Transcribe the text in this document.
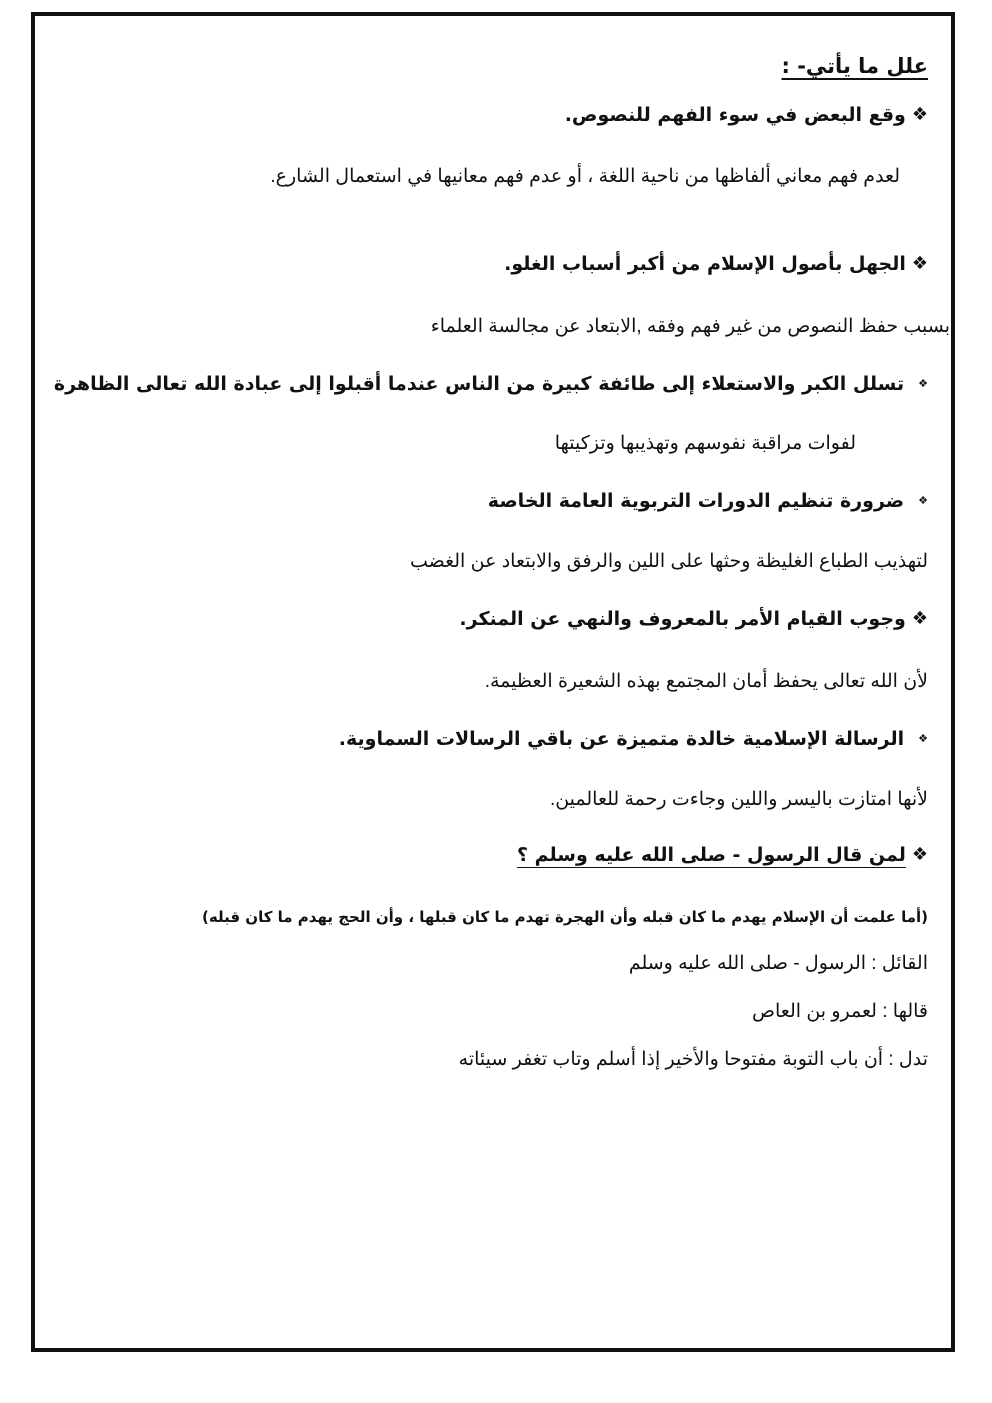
علل ما يأتي- :
❖وقع البعض في سوء الفهم للنصوص.
لعدم فهم معاني ألفاظها من ناحية اللغة ، أو عدم فهم معانيها في استعمال الشارع.
❖الجهل بأصول الإسلام من أكبر أسباب الغلو.
بسبب حفظ النصوص من غير فهم وفقه ,الابتعاد عن مجالسة العلماء
❖تسلل الكبر والاستعلاء إلى طائفة كبيرة من الناس عندما أقبلوا إلى عبادة الله تعالى الظاهرة
لفوات مراقبة نفوسهم وتهذيبها وتزكيتها
❖ضرورة تنظيم الدورات التربوية العامة الخاصة
لتهذيب الطباع الغليظة وحثها على اللين والرفق والابتعاد عن الغضب
❖وجوب القيام الأمر بالمعروف والنهي عن المنكر.
لأن الله تعالى يحفظ أمان المجتمع بهذه الشعيرة العظيمة.
❖الرسالة الإسلامية خالدة متميزة عن باقي الرسالات السماوية.
لأنها امتازت باليسر واللين وجاءت رحمة للعالمين.
❖لمن قال الرسول - صلى الله عليه وسلم ؟
(أما علمت أن الإسلام يهدم ما كان قبله وأن الهجرة تهدم ما كان قبلها ، وأن الحج يهدم ما كان قبله)
القائل : الرسول - صلى الله عليه وسلم
قالها : لعمرو بن العاص
تدل : أن باب التوبة مفتوحا والأخير إذا أسلم وتاب تغفر سيئاته
